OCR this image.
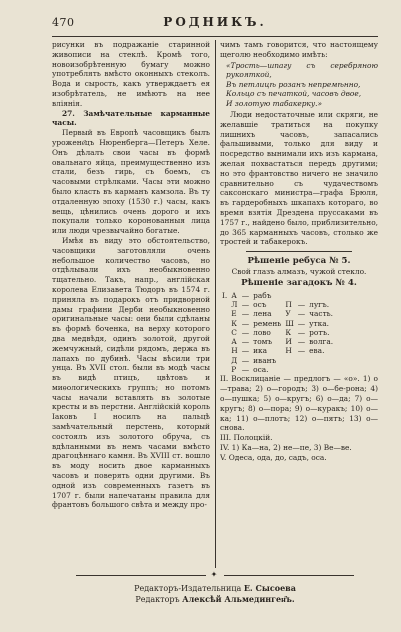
470	РОДНИКЪ.

рисунки въ подражаніе старинной живописи на стеклѣ. Кромѣ того, новоизобрѣтенную бумагу можно употреблять вмѣсто оконныхъ стеколъ. Вода и сырость, какъ утверждаетъ ея изобрѣтатель, не имѣютъ на нее вліянія.

27. Замѣчательные карманные часы.

Первый въ Европѣ часовщикъ былъ урожене҃цъ Нюренберга—Петеръ Хеле. Онъ дѣлалъ свои часы въ формѣ овальнаго яйца, преимущественно изъ стали, безъ гирь, съ боемъ, съ часовыми стрѣлками. Часы эти можно было класть въ карманъ камзола. Въ ту отдаленную эпоху (1530 г.) часы, какъ вещь, цѣнились очень дорого и ихъ покупали только коронованныя лица или люди чрезвычайно богатые.

Имѣя въ виду это обстоятельство, часовщики заготовляли очень небольшое количество часовъ, но отдѣлывали ихъ необыкновенно тщательно. Такъ, напр., англійская королева Елизавета Тюдоръ въ 1574 г. приняла въ подарокъ отъ придворной дамы графини Дерби необыкновенно оригинальные часы: они были сдѣланы въ формѣ боченка, на верху которого два медвѣдя, одинъ золотой, другой жемчужный, сидѣли рядомъ, держа въ лапахъ по дубинѣ. Часы вѣсили три унца. Въ XVII стол. были въ модѣ часы въ видѣ птицъ, цвѣтовъ и миѳологическихъ группъ; но потомъ часы начали вставлять въ золотые кресты и въ перстни. Англійскій король Іаковъ I носилъ на пальцѣ замѣчательный перстень, который состоялъ изъ золотого обруча, съ вдѣланными въ немъ часами вмѣсто драгоцѣннаго камня. Въ XVIII ст. вошло въ моду носить двое карманныхъ часовъ и поверять одни другими. Въ одной изъ современныхъ газетъ въ 1707 г. были напечатаны правила для франтовъ большого свѣта и между про-

чимъ тамъ говорится, что настоящему щеголю необходимо имѣть:

«Трость—шпагу съ серебряною рукояткой,
Въ петлицѣ розанъ непремѣнно,
Кольцо съ печаткой, часовъ двое,
И золотую табакерку.»

Люди недостаточные или скряги, не желавшіе тратиться на покупку лишнихъ часовъ, запасались фальшивыми, только для виду и посредство вынимали ихъ изъ кармана, желая похвастаться передъ другими; но это франтовство ничего не значило сравнительно съ чудачествомъ саксонскаго министра—графа Брюля, въ гардеробныхъ шкапахъ котораго, во время взятія Дрездена пруссаками въ 1757 г., найдено было, приблизительно, до 365 карманныхъ часовъ, столько же тростей и табакерокъ.

Рѣшеніе ребуса № 5.
Свой глазъ алмазъ, чужой стекло.
Рѣшеніе загадокъ № 4.
I.	А	—	рабъ			
	Л	—	осъ	П	—	лугъ.
	Е	—	лена	У	—	часть.
	К	—	ремень	Ш	—	утка.
	С	—	лово	К	—	ротъ.
	А	—	томъ	И	—	волга.
	Н	—	ика	Н	—	ева.
	Д	—	иванъ			
	Р	—	оса.			

II. Восклицаніе — предлогъ — «о». 1) о—трава; 2) о—городъ; 3) о—бе-рона; 4) о—пушка; 5) о—кругъ; 6) о—да; 7) о—кругъ; 8) о—пора; 9) о—куракъ; 10) о—ка; 11) о—плотъ; 12) о—пятъ; 13) о—снова.

III. Полоцкій.

IV. 1) Ка—на, 2) не—пе, 3) Ве—ве.

V. Одеса, ода, до, садъ, оса.

✦
Редакторъ-Издательница Е. Сысоева
Редакторъ Алексѣй Альмединген҃ъ.
